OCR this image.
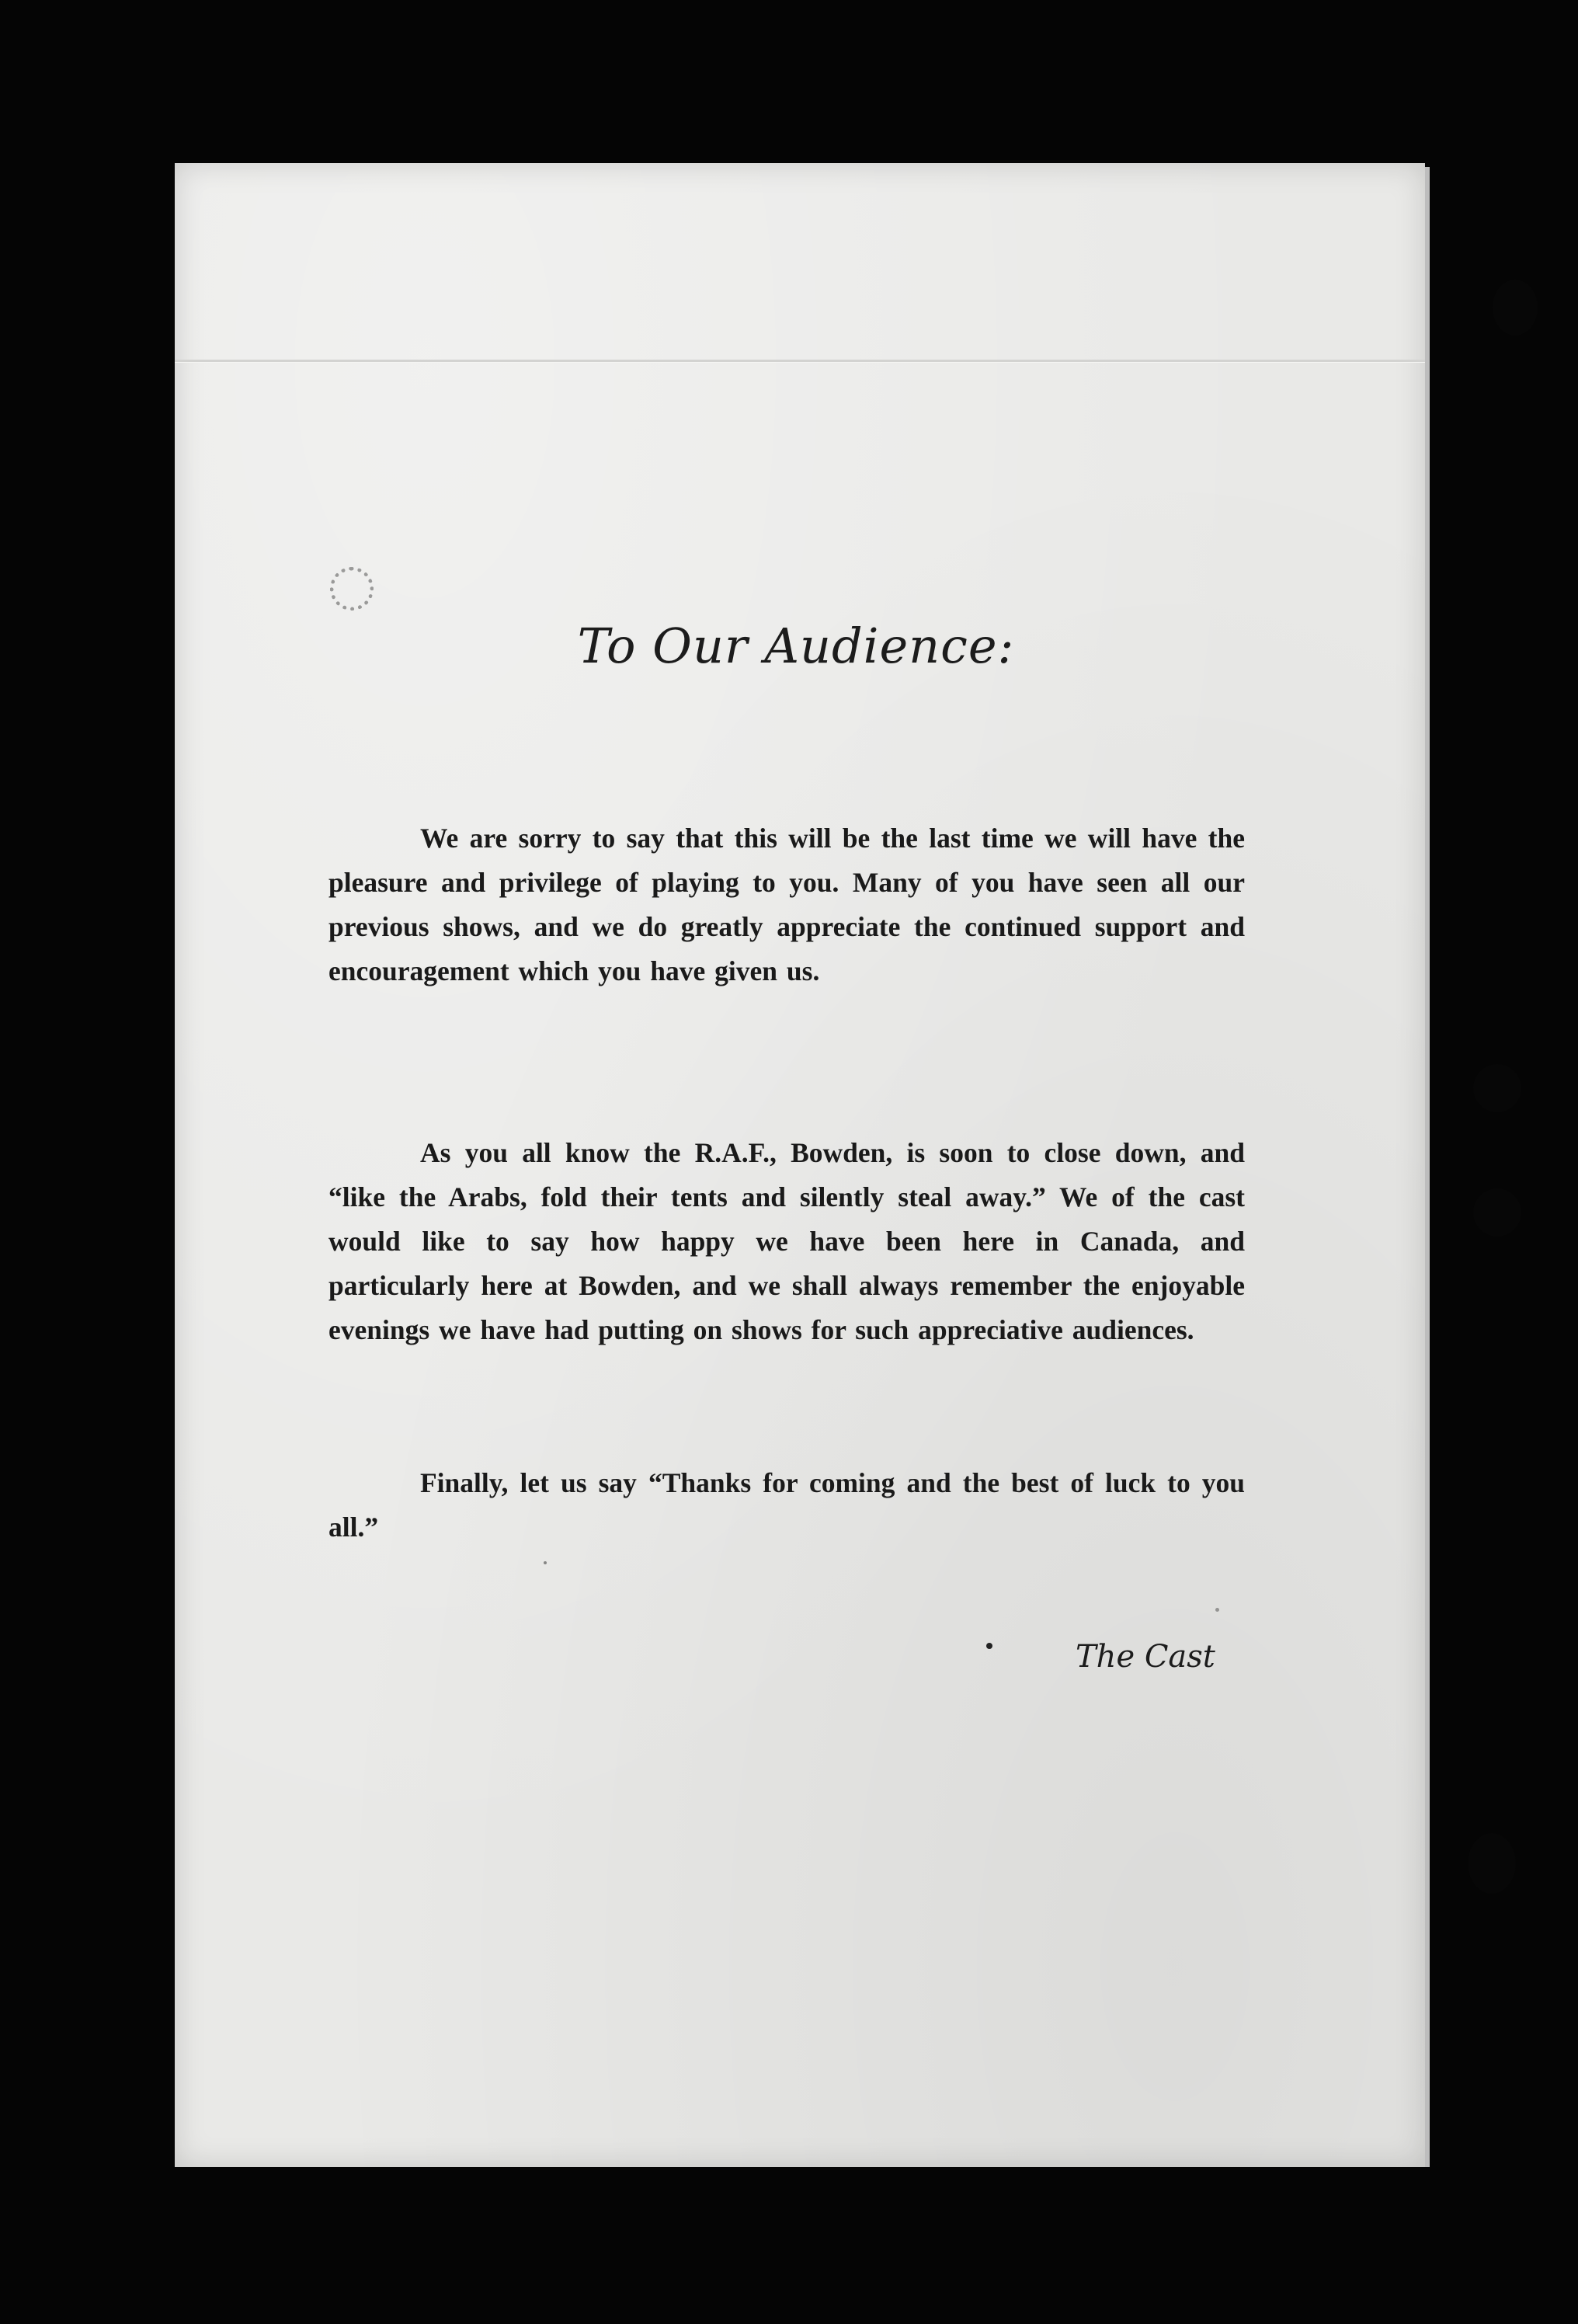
To Our Audience:

We are sorry to say that this will be the last time we will have the pleasure and privilege of playing to you. Many of you have seen all our previous shows, and we do greatly appreciate the continued support and encouragement which you have given us.

As you all know the R.A.F., Bowden, is soon to close down, and “like the Arabs, fold their tents and silently steal away.” We of the cast would like to say how happy we have been here in Canada, and particularly here at Bowden, and we shall always remember the enjoyable evenings we have had putting on shows for such appreciative audiences.

Finally, let us say “Thanks for coming and the best of luck to you all.”

The Cast
